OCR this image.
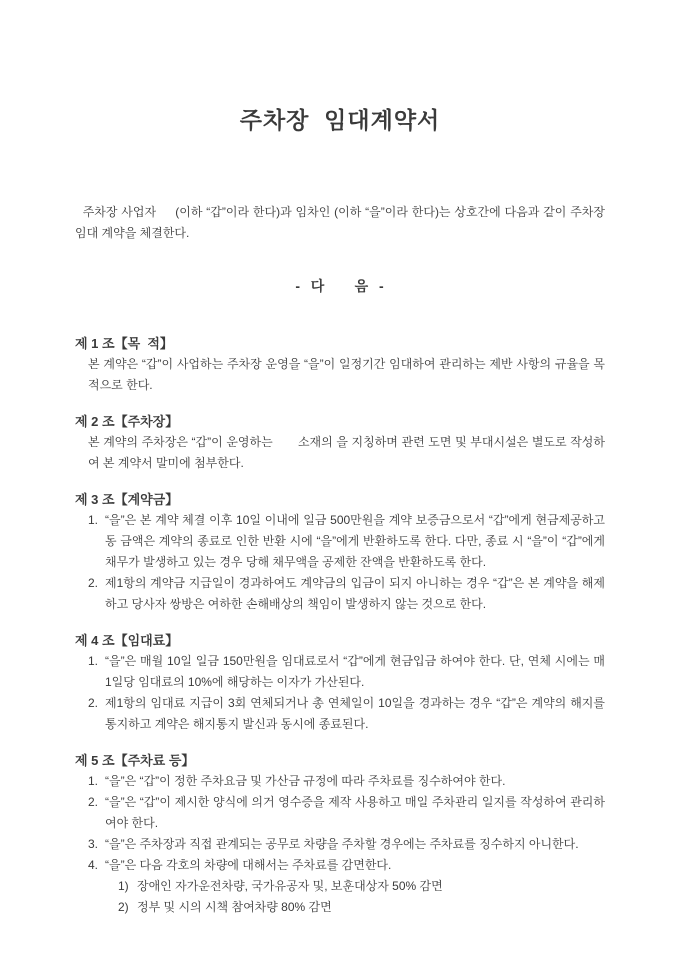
주차장  임대계약서

주차장 사업자     (이하 “갑”이라 한다)과 임차인 (이하 “을”이라 한다)는 상호간에 다음과 같이 주차장 임대 계약을 체결한다.

-  다      음  -
제 1 조【목  적】

본 계약은 “갑”이 사업하는 주차장 운영을 “을”이 일정기간 임대하여 관리하는 제반 사항의 규율을 목적으로 한다.

제 2 조【주차장】

본 계약의 주차장은 “갑”이 운영하는       소재의 을 지칭하며 관련 도면 및 부대시설은 별도로 작성하여 본 계약서 말미에 첨부한다.

제 3 조【계약금】
1. “을”은 본 계약 체결 이후 10일 이내에 일금 500만원을 계약 보증금으로서 “갑”에게 현금제공하고 동 금액은 계약의 종료로 인한 반환 시에 “을”에게 반환하도록 한다. 다만, 종료 시 “을”이 “갑”에게 채무가 발생하고 있는 경우 당해 채무액을 공제한 잔액을 반환하도록 한다.
2. 제1항의 계약금 지급일이 경과하여도 계약금의 입금이 되지 아니하는 경우 “갑”은 본 계약을 해제하고 당사자 쌍방은 여하한 손해배상의 책임이 발생하지 않는 것으로 한다.
제 4 조【임대료】
1. “을”은 매월 10일 일금 150만원을 임대료로서 “갑”에게 현금입금 하여야 한다. 단, 연체 시에는 매 1일당 임대료의 10%에 해당하는 이자가 가산된다.
2. 제1항의 임대료 지급이 3회 연체되거나 총 연체일이 10일을 경과하는 경우 “갑”은 계약의 해지를 통지하고 계약은 해지통지 발신과 동시에 종료된다.
제 5 조【주차료 등】
1. “을”은 “갑”이 정한 주차요금 및 가산금 규정에 따라 주차료를 징수하여야 한다.
2. “을”은 “갑”이 제시한 양식에 의거 영수증을 제작 사용하고 매일 주차관리 일지를 작성하여 관리하여야 한다.
3. “을”은 주차장과 직접 관계되는 공무로 차량을 주차할 경우에는 주차료를 징수하지 아니한다.
4. “을”은 다음 각호의 차량에 대해서는 주차료를 감면한다.
1) 장애인 자가운전차량, 국가유공자 및, 보훈대상자 50% 감면
2) 정부 및 시의 시책 참여차량 80% 감면
